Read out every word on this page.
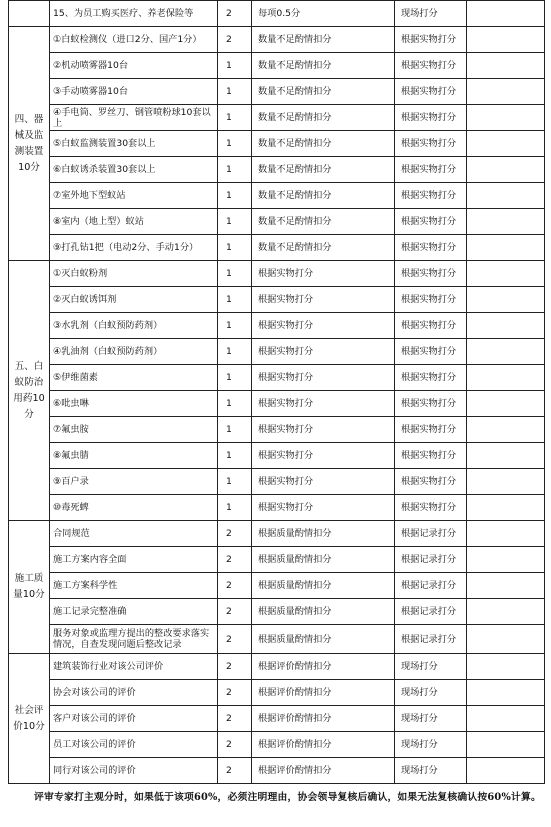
	15、为员工购买医疗、养老保险等	2	每项0.5分	现场打分	
四、器械及监测装置10分	①白蚁检测仪（进口2分、国产1分）	2	数量不足酌情扣分	根据实物打分	
	②机动喷雾器10台	1	数量不足酌情扣分	根据实物打分	
	③手动喷雾器10台	1	数量不足酌情扣分	根据实物打分	
	④手电筒、罗丝刀、钢管喷粉球10套以上	1	数量不足酌情扣分	根据实物打分	
	⑤白蚁监测装置30套以上	1	数量不足酌情扣分	根据实物打分	
	⑥白蚁诱杀装置30套以上	1	数量不足酌情扣分	根据实物打分	
	⑦室外地下型蚁站	1	数量不足酌情扣分	根据实物打分	
	⑧室内（地上型）蚁站	1	数量不足酌情扣分	根据实物打分	
	⑨打孔钻1把（电动2分、手动1分）	1	数量不足酌情扣分	根据实物打分	
五、白蚁防治用药10分	①灭白蚁粉剂	1	根据实物打分	根据实物打分	
	②灭白蚁诱饵剂	1	根据实物打分	根据实物打分	
	③水乳剂（白蚁预防药剂）	1	根据实物打分	根据实物打分	
	④乳油剂（白蚁预防药剂）	1	根据实物打分	根据实物打分	
	⑤伊维菌素	1	根据实物打分	根据实物打分	
	⑥吡虫啉	1	根据实物打分	根据实物打分	
	⑦氟虫胺	1	根据实物打分	根据实物打分	
	⑧氟虫腈	1	根据实物打分	根据实物打分	
	⑨百户录	1	根据实物打分	根据实物打分	
	⑩毒死蜱	1	根据实物打分	根据实物打分	
施工质量10分	合同规范	2	根据质量酌情扣分	根据记录打分	
	施工方案内容全面	2	根据质量酌情扣分	根据记录打分	
	施工方案科学性	2	根据质量酌情扣分	根据记录打分	
	施工记录完整准确	2	根据质量酌情扣分	根据记录打分	
	服务对象或监理方提出的整改要求落实情况，自查发现问题后整改记录	2	根据质量酌情扣分	根据记录打分	
社会评价10分	建筑装饰行业对该公司评价	2	根据评价酌情扣分	现场打分	
	协会对该公司的评价	2	根据评价酌情扣分	现场打分	
	客户对该公司的评价	2	根据评价酌情扣分	现场打分	
	员工对该公司的评价	2	根据评价酌情扣分	现场打分	
	同行对该公司的评价	2	根据评价酌情扣分	现场打分	
评审专家打主观分时，如果低于该项60%，必须注明理由，协会领导复核后确认，如果无法复核确认按60%计算。
